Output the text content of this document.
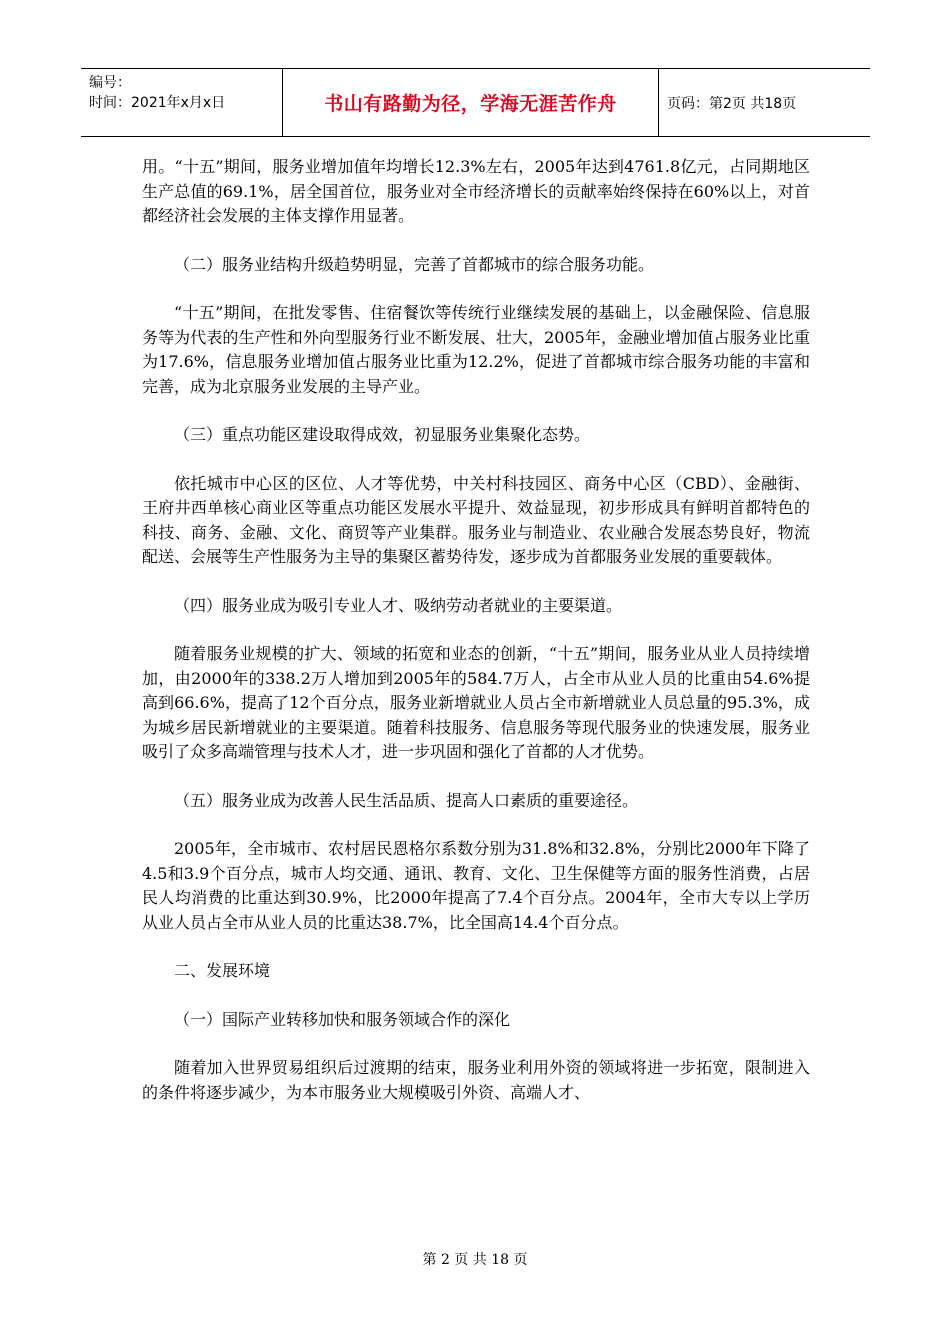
编号：
时间：2021年x月x日	书山有路勤为径，学海无涯苦作舟	页码：第2页 共18页

用。“十五”期间，服务业增加值年均增长12.3%左右，2005年达到4761.8亿元，占同期地区生产总值的69.1%，居全国首位，服务业对全市经济增长的贡献率始终保持在60%以上，对首都经济社会发展的主体支撑作用显著。

（二）服务业结构升级趋势明显，完善了首都城市的综合服务功能。

“十五”期间，在批发零售、住宿餐饮等传统行业继续发展的基础上，以金融保险、信息服务等为代表的生产性和外向型服务行业不断发展、壮大，2005年，金融业增加值占服务业比重为17.6%，信息服务业增加值占服务业比重为12.2%，促进了首都城市综合服务功能的丰富和完善，成为北京服务业发展的主导产业。

（三）重点功能区建设取得成效，初显服务业集聚化态势。

依托城市中心区的区位、人才等优势，中关村科技园区、商务中心区（CBD）、金融街、王府井西单核心商业区等重点功能区发展水平提升、效益显现，初步形成具有鲜明首都特色的科技、商务、金融、文化、商贸等产业集群。服务业与制造业、农业融合发展态势良好，物流配送、会展等生产性服务为主导的集聚区蓄势待发，逐步成为首都服务业发展的重要载体。

（四）服务业成为吸引专业人才、吸纳劳动者就业的主要渠道。

随着服务业规模的扩大、领域的拓宽和业态的创新，“十五”期间，服务业从业人员持续增加，由2000年的338.2万人增加到2005年的584.7万人，占全市从业人员的比重由54.6%提高到66.6%，提高了12个百分点，服务业新增就业人员占全市新增就业人员总量的95.3%，成为城乡居民新增就业的主要渠道。随着科技服务、信息服务等现代服务业的快速发展，服务业吸引了众多高端管理与技术人才，进一步巩固和强化了首都的人才优势。

（五）服务业成为改善人民生活品质、提高人口素质的重要途径。

2005年，全市城市、农村居民恩格尔系数分别为31.8%和32.8%，分别比2000年下降了4.5和3.9个百分点，城市人均交通、通讯、教育、文化、卫生保健等方面的服务性消费，占居民人均消费的比重达到30.9%，比2000年提高了7.4个百分点。2004年，全市大专以上学历从业人员占全市从业人员的比重达38.7%，比全国高14.4个百分点。

二、发展环境

（一）国际产业转移加快和服务领域合作的深化

随着加入世界贸易组织后过渡期的结束，服务业利用外资的领域将进一步拓宽，限制进入的条件将逐步减少，为本市服务业大规模吸引外资、高端人才、

第 2 页 共 18 页
